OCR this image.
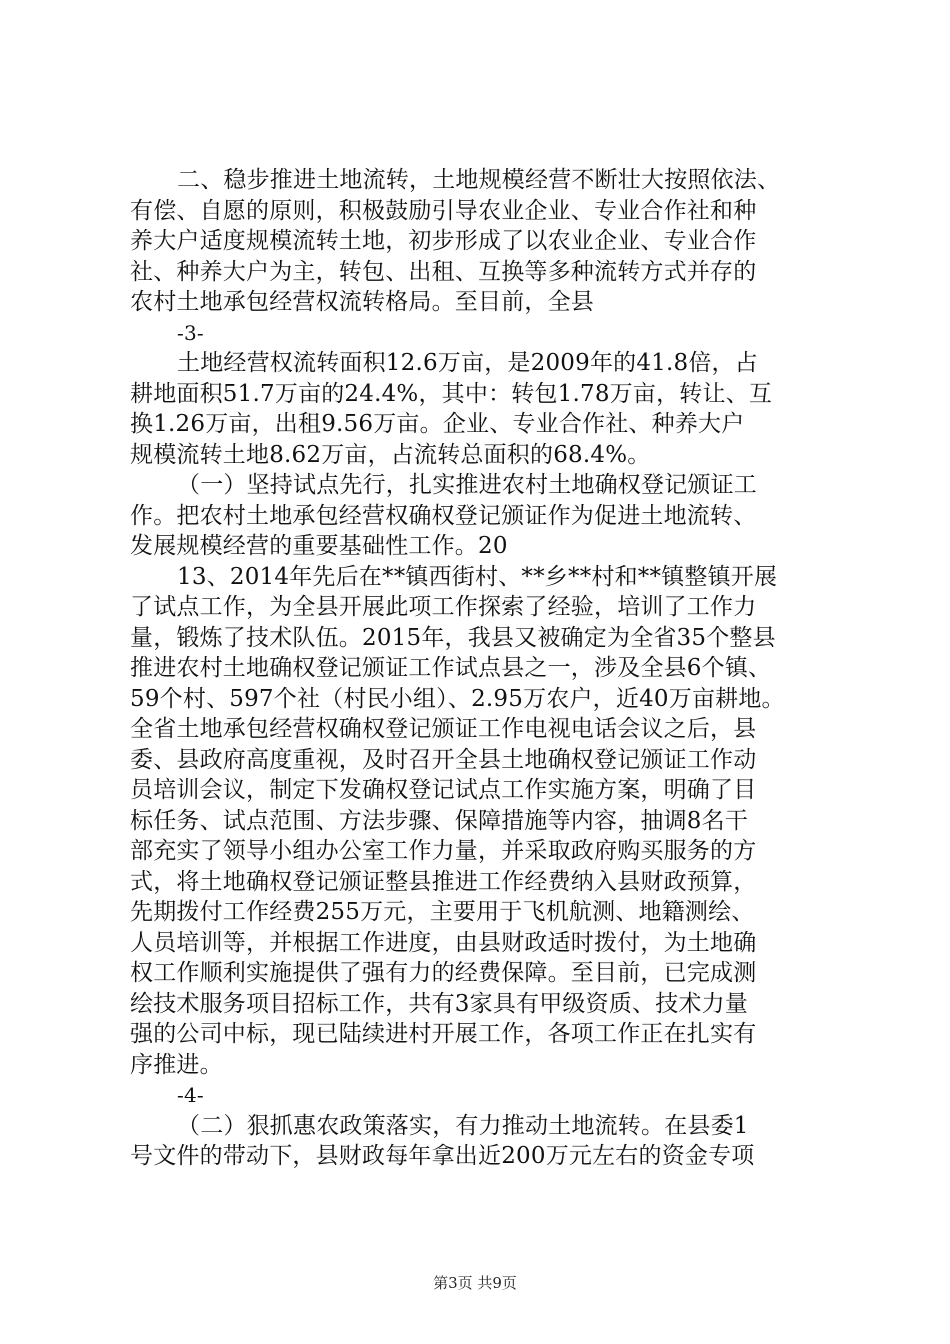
二、稳步推进土地流转，土地规模经营不断壮大按照依法、
有偿、自愿的原则，积极鼓励引导农业企业、专业合作社和种
养大户适度规模流转土地，初步形成了以农业企业、专业合作
社、种养大户为主，转包、出租、互换等多种流转方式并存的
农村土地承包经营权流转格局。至目前，全县
-3-
土地经营权流转面积12.6万亩，是2009年的41.8倍，占
耕地面积51.7万亩的24.4%，其中：转包1.78万亩，转让、互
换1.26万亩，出租9.56万亩。企业、专业合作社、种养大户
规模流转土地8.62万亩，占流转总面积的68.4%。
（一）坚持试点先行，扎实推进农村土地确权登记颁证工
作。把农村土地承包经营权确权登记颁证作为促进土地流转、
发展规模经营的重要基础性工作。20
13、2014年先后在**镇西街村、**乡**村和**镇整镇开展
了试点工作，为全县开展此项工作探索了经验，培训了工作力
量，锻炼了技术队伍。2015年，我县又被确定为全省35个整县
推进农村土地确权登记颁证工作试点县之一，涉及全县6个镇、
59个村、597个社（村民小组）、2.95万农户，近40万亩耕地。
全省土地承包经营权确权登记颁证工作电视电话会议之后，县
委、县政府高度重视，及时召开全县土地确权登记颁证工作动
员培训会议，制定下发确权登记试点工作实施方案，明确了目
标任务、试点范围、方法步骤、保障措施等内容，抽调8名干
部充实了领导小组办公室工作力量，并采取政府购买服务的方
式，将土地确权登记颁证整县推进工作经费纳入县财政预算，
先期拨付工作经费255万元，主要用于飞机航测、地籍测绘、
人员培训等，并根据工作进度，由县财政适时拨付，为土地确
权工作顺利实施提供了强有力的经费保障。至目前，已完成测
绘技术服务项目招标工作，共有3家具有甲级资质、技术力量
强的公司中标，现已陆续进村开展工作，各项工作正在扎实有
序推进。
-4-
（二）狠抓惠农政策落实，有力推动土地流转。在县委1
号文件的带动下，县财政每年拿出近200万元左右的资金专项
第3页 共9页
